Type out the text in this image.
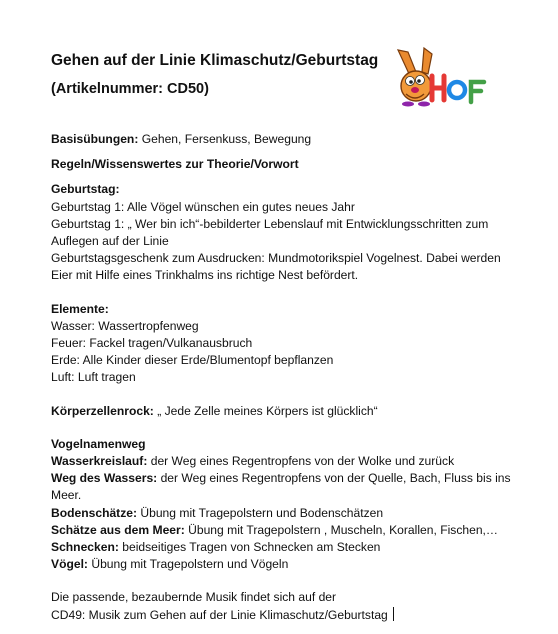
Gehen auf der Linie Klimaschutz/Geburtstag
(Artikelnummer: CD50)

Basisübungen: Gehen, Fersenkuss, Bewegung

Regeln/Wissenswertes zur Theorie/Vorwort

Geburtstag:

Geburtstag 1: Alle Vögel wünschen ein gutes neues Jahr

Geburtstag 1: „ Wer bin ich“-bebilderter Lebenslauf mit Entwicklungsschritten zum Auflegen auf der Linie

Geburtstagsgeschenk zum Ausdrucken: Mundmotorikspiel Vogelnest. Dabei werden Eier mit Hilfe eines Trinkhalms ins richtige Nest befördert.

Elemente:

Wasser: Wassertropfenweg

Feuer: Fackel tragen/Vulkanausbruch

Erde: Alle Kinder dieser Erde/Blumentopf bepflanzen

Luft: Luft tragen

Körperzellenrock: „ Jede Zelle meines Körpers ist glücklich“

Vogelnamenweg

Wasserkreislauf: der Weg eines Regentropfens von der Wolke und zurück

Weg des Wassers: der Weg eines Regentropfens von der Quelle, Bach, Fluss bis ins Meer.

Bodenschätze: Übung mit Tragepolstern und Bodenschätzen

Schätze aus dem Meer: Übung mit Tragepolstern , Muscheln, Korallen, Fischen,…

Schnecken: beidseitiges Tragen von Schnecken am Stecken

Vögel: Übung mit Tragepolstern und Vögeln

Die passende, bezaubernde Musik findet sich auf der

CD49: Musik zum Gehen auf der Linie Klimaschutz/Geburtstag
